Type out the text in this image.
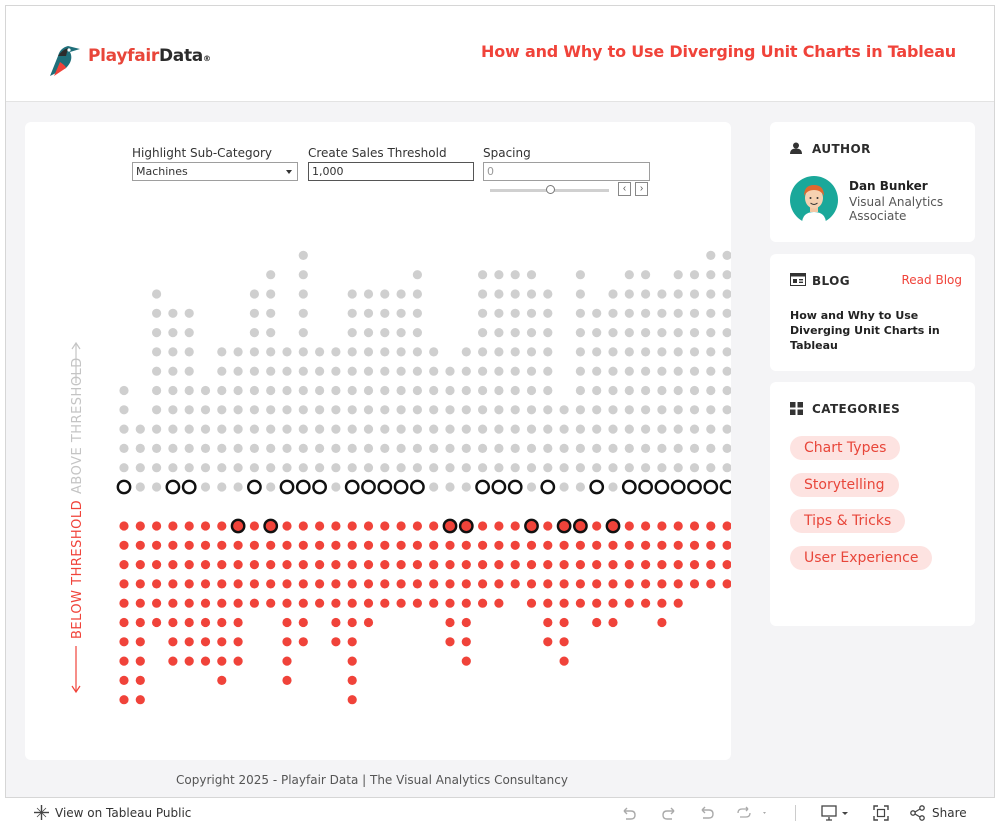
PlayfairData®	How and Why to Use Diverging Unit Charts in Tableau
ABOVE THRESHOLD
BELOW THRESHOLD
Highlight Sub-Category
Machines
Create Sales Threshold
1,000
Spacing
0
‹	›
Copyright 2025 - Playfair Data | The Visual Analytics Consultancy
AUTHOR
Dan Bunker
Visual Analytics Associate
BLOG	Read Blog
How and Why to Use Diverging Unit Charts in Tableau
CATEGORIES
Chart Types
Storytelling
Tips & Tricks
User Experience
View on Tableau Public	Share
